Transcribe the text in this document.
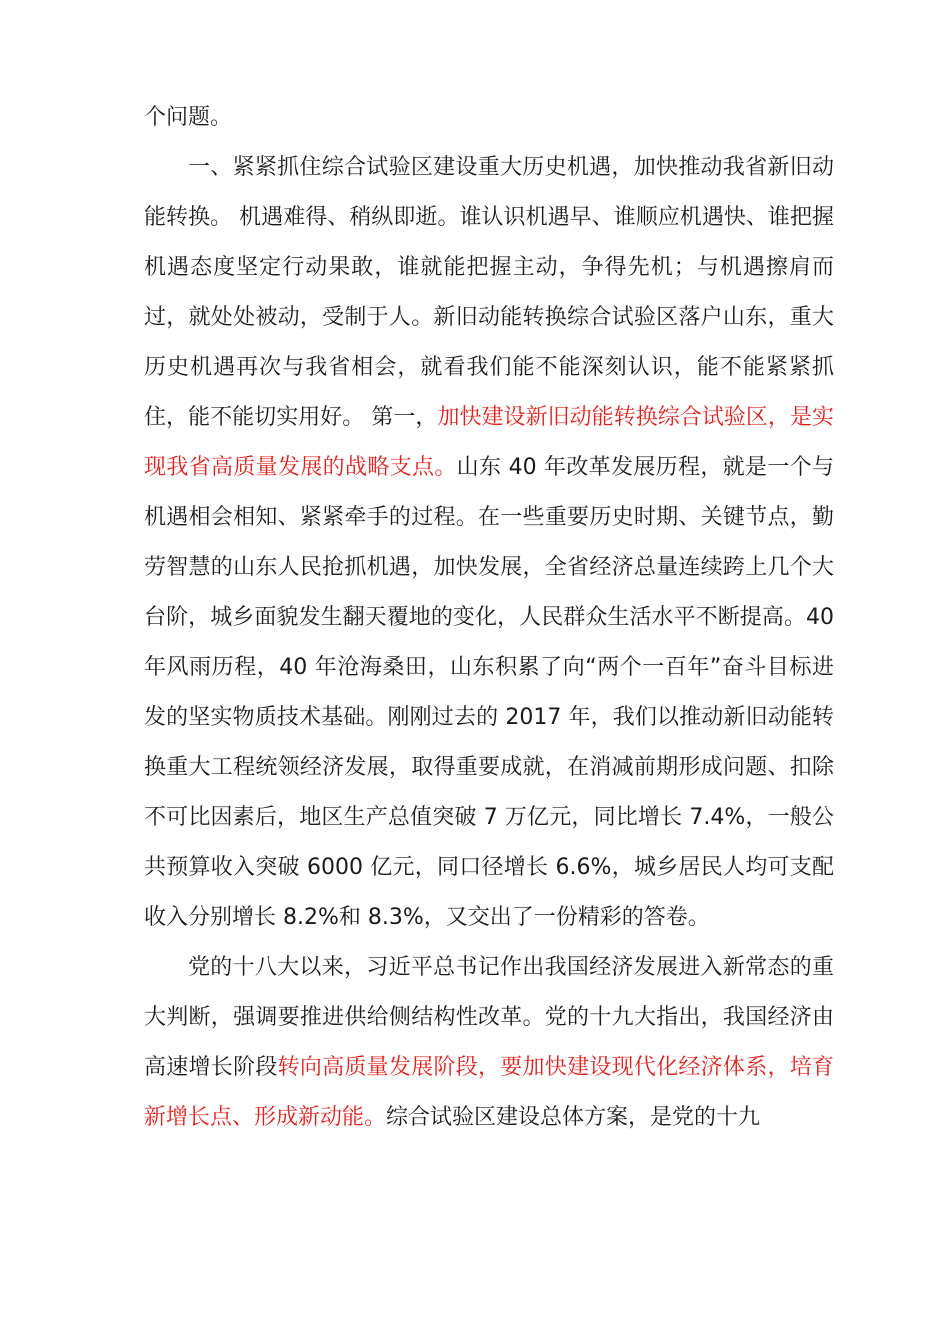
个问题。

一、紧紧抓住综合试验区建设重大历史机遇，加快推动我省新旧动能转换。 机遇难得、稍纵即逝。谁认识机遇早、谁顺应机遇快、谁把握机遇态度坚定行动果敢，谁就能把握主动，争得先机；与机遇擦肩而过，就处处被动，受制于人。新旧动能转换综合试验区落户山东，重大历史机遇再次与我省相会，就看我们能不能深刻认识，能不能紧紧抓住，能不能切实用好。 第一，加快建设新旧动能转换综合试验区，是实现我省高质量发展的战略支点。山东 40 年改革发展历程，就是一个与机遇相会相知、紧紧牵手的过程。在一些重要历史时期、关键节点，勤劳智慧的山东人民抢抓机遇，加快发展，全省经济总量连续跨上几个大台阶，城乡面貌发生翻天覆地的变化，人民群众生活水平不断提高。40 年风雨历程，40 年沧海桑田，山东积累了向“两个一百年”奋斗目标进发的坚实物质技术基础。刚刚过去的 2017 年，我们以推动新旧动能转换重大工程统领经济发展，取得重要成就，在消减前期形成问题、扣除不可比因素后，地区生产总值突破 7 万亿元，同比增长 7.4%，一般公共预算收入突破 6000 亿元，同口径增长 6.6%，城乡居民人均可支配收入分别增长 8.2%和 8.3%，又交出了一份精彩的答卷。

党的十八大以来，习近平总书记作出我国经济发展进入新常态的重大判断，强调要推进供给侧结构性改革。党的十九大指出，我国经济由高速增长阶段转向高质量发展阶段，要加快建设现代化经济体系，培育新增长点、形成新动能。综合试验区建设总体方案，是党的十九
